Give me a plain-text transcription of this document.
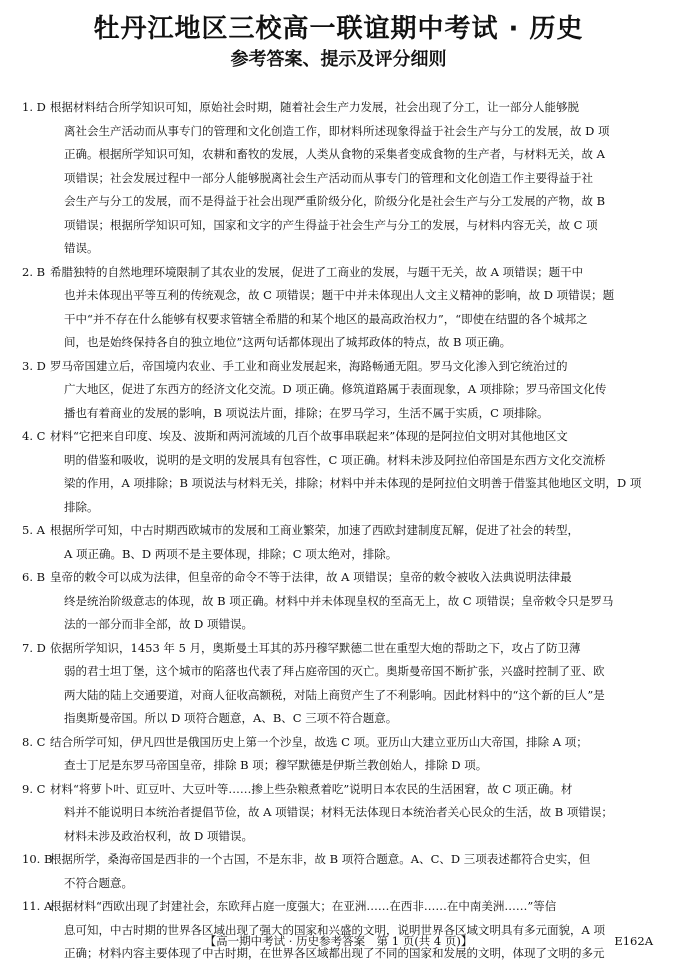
牡丹江地区三校高一联谊期中考试 · 历史
参考答案、提示及评分细则
1. D 根据材料结合所学知识可知，原始社会时期，随着社会生产力发展，社会出现了分工，让一部分人能够脱
离社会生产活动而从事专门的管理和文化创造工作，即材料所述现象得益于社会生产与分工的发展，故 D 项
正确。根据所学知识可知，农耕和畜牧的发展，人类从食物的采集者变成食物的生产者，与材料无关，故 A
项错误；社会发展过程中一部分人能够脱离社会生产活动而从事专门的管理和文化创造工作主要得益于社
会生产与分工的发展，而不是得益于社会出现严重阶级分化，阶级分化是社会生产与分工发展的产物，故 B
项错误；根据所学知识可知，国家和文字的产生得益于社会生产与分工的发展，与材料内容无关，故 C 项
错误。
2. B 希腊独特的自然地理环境限制了其农业的发展，促进了工商业的发展，与题干无关，故 A 项错误；题干中
也并未体现出平等互利的传统观念，故 C 项错误；题干中并未体现出人文主义精神的影响，故 D 项错误；题
干中“并不存在什么能够有权要求管辖全希腊的和某个地区的最高政治权力”，“即使在结盟的各个城邦之
间，也是始终保持各自的独立地位”这两句话都体现出了城邦政体的特点，故 B 项正确。
3. D 罗马帝国建立后，帝国境内农业、手工业和商业发展起来，海路畅通无阻。罗马文化渗入到它统治过的
广大地区，促进了东西方的经济文化交流。D 项正确。修筑道路属于表面现象，A 项排除；罗马帝国文化传
播也有着商业的发展的影响，B 项说法片面，排除；在罗马学习，生活不属于实质，C 项排除。
4. C 材料“它把来自印度、埃及、波斯和两河流域的几百个故事串联起来”体现的是阿拉伯文明对其他地区文
明的借鉴和吸收，说明的是文明的发展具有包容性，C 项正确。材料未涉及阿拉伯帝国是东西方文化交流桥
梁的作用，A 项排除；B 项说法与材料无关，排除；材料中并未体现的是阿拉伯文明善于借鉴其他地区文明，D 项
排除。
5. A 根据所学可知，中古时期西欧城市的发展和工商业繁荣，加速了西欧封建制度瓦解，促进了社会的转型，
A 项正确。B、D 两项不是主要体现，排除；C 项太绝对，排除。
6. B 皇帝的敕令可以成为法律，但皇帝的命令不等于法律，故 A 项错误；皇帝的敕令被收入法典说明法律最
终是统治阶级意志的体现，故 B 项正确。材料中并未体现皇权的至高无上，故 C 项错误；皇帝敕令只是罗马
法的一部分而非全部，故 D 项错误。
7. D 依据所学知识，1453 年 5 月，奥斯曼土耳其的苏丹穆罕默德二世在重型大炮的帮助之下，攻占了防卫薄
弱的君士坦丁堡，这个城市的陷落也代表了拜占庭帝国的灭亡。奥斯曼帝国不断扩张，兴盛时控制了亚、欧
两大陆的陆上交通要道，对商人征收高额税，对陆上商贸产生了不利影响。因此材料中的“这个新的巨人”是
指奥斯曼帝国。所以 D 项符合题意，A、B、C 三项不符合题意。
8. C 结合所学可知，伊凡四世是俄国历史上第一个沙皇，故选 C 项。亚历山大建立亚历山大帝国，排除 A 项；
查士丁尼是东罗马帝国皇帝，排除 B 项；穆罕默德是伊斯兰教创始人，排除 D 项。
9. C 材料“将萝卜叶、豇豆叶、大豆叶等……掺上些杂粮煮着吃”说明日本农民的生活困窘，故 C 项正确。材
料并不能说明日本统治者提倡节俭，故 A 项错误；材料无法体现日本统治者关心民众的生活，故 B 项错误；
材料未涉及政治权利，故 D 项错误。
10. B
根据所学，桑海帝国是西非的一个古国，不是东非，故 B 项符合题意。A、C、D 三项表述都符合史实，但
不符合题意。
11. A
根据材料“西欧出现了封建社会，东欧拜占庭一度强大；在亚洲……在西非……在中南美洲……”等信
息可知，中古时期的世界各区域出现了强大的国家和兴盛的文明，说明世界各区域文明具有多元面貌，A 项
正确；材料内容主要体现了中古时期，在世界各区域都出现了不同的国家和发展的文明，体现了文明的多元
【高一期中考试 · 历史参考答案　第 1 页(共 4 页)】	E162A
